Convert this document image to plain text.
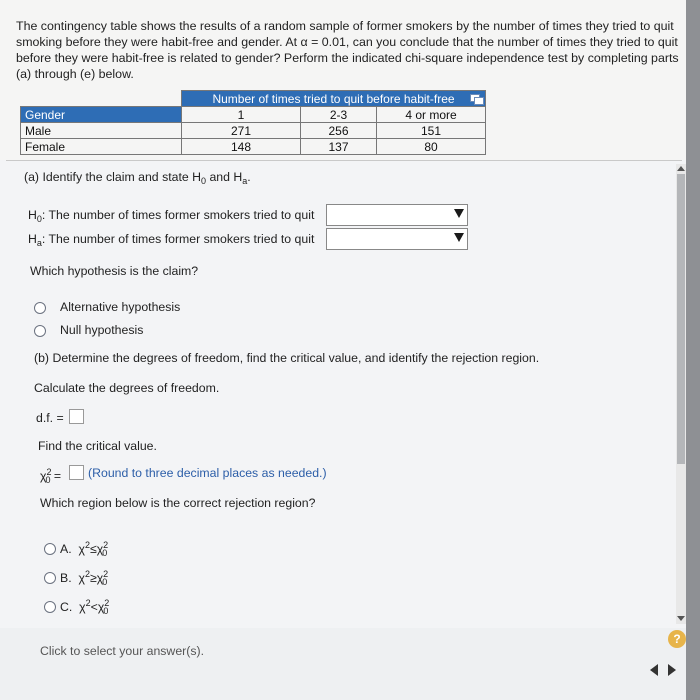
The contingency table shows the results of a random sample of former smokers by the number of times they tried to quit smoking before they were habit-free and gender. At α = 0.01, can you conclude that the number of times they tried to quit before they were habit-free is related to gender? Perform the indicated chi-square independence test by completing parts (a) through (e) below.
	Number of times tried to quit before habit-free		
Gender	1	2-3	4 or more
Male	271	256	151
Female	148	137	80
(a) Identify the claim and state $H_0$ and $H_a$.
$H_0$: The number of times former smokers tried to quit
$H_a$: The number of times former smokers tried to quit
Which hypothesis is the claim?
Alternative hypothesis
Null hypothesis
(b) Determine the degrees of freedom, find the critical value, and identify the rejection region.
Calculate the degrees of freedom.
d.f. =
Find the critical value.
$\chi^2_0$ = (Round to three decimal places as needed.)
Which region below is the correct rejection region?
A. $\chi^2\le\chi^2_0$
B. $\chi^2\ge\chi^2_0$
C. $\chi^2<\chi^2_0$
Click to select your answer(s).
?
